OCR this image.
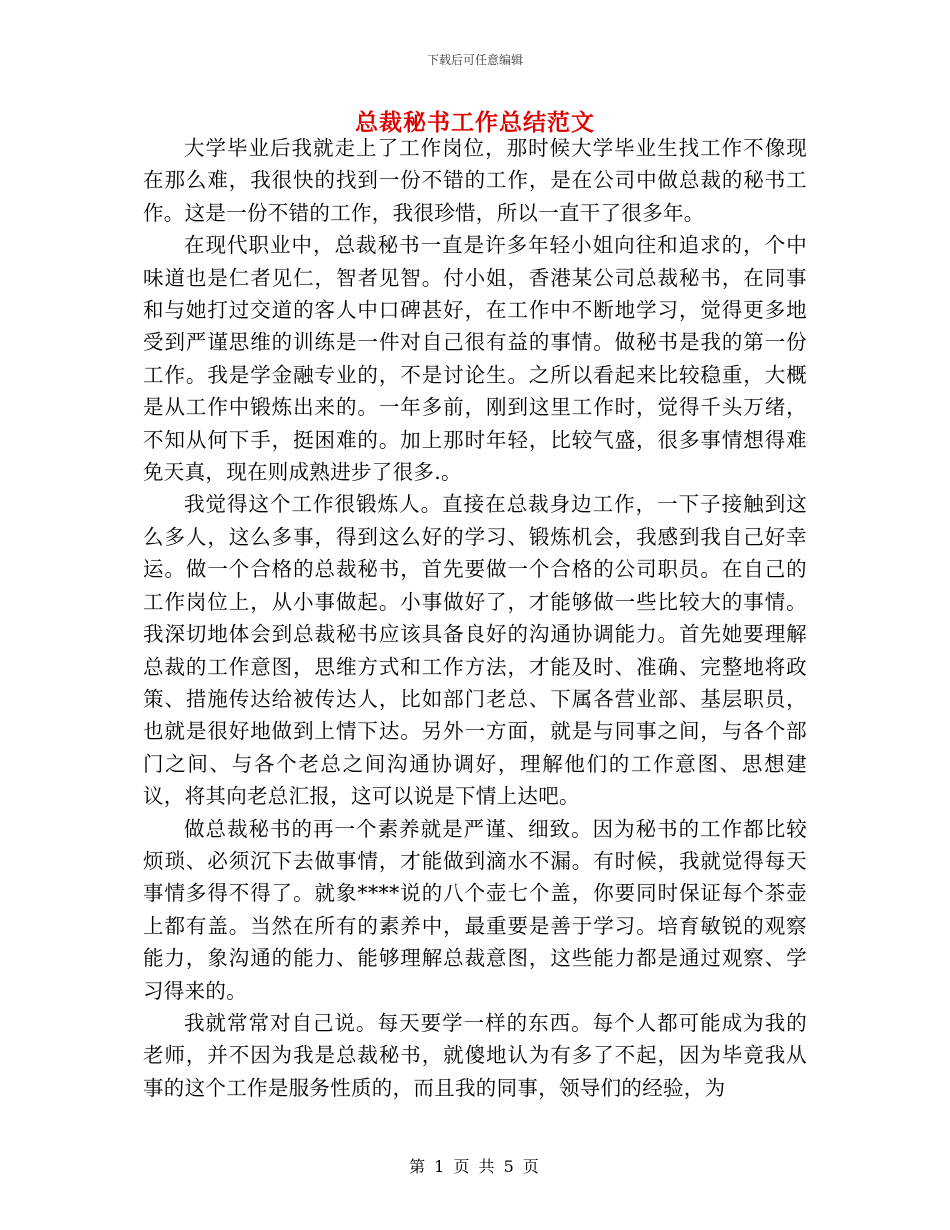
下载后可任意编辑
总裁秘书工作总结范文

大学毕业后我就走上了工作岗位，那时候大学毕业生找工作不像现在那么难，我很快的找到一份不错的工作，是在公司中做总裁的秘书工作。这是一份不错的工作，我很珍惜，所以一直干了很多年。

在现代职业中，总裁秘书一直是许多年轻小姐向往和追求的，个中味道也是仁者见仁，智者见智。付小姐，香港某公司总裁秘书，在同事和与她打过交道的客人中口碑甚好，在工作中不断地学习，觉得更多地受到严谨思维的训练是一件对自己很有益的事情。做秘书是我的第一份工作。我是学金融专业的，不是讨论生。之所以看起来比较稳重，大概是从工作中锻炼出来的。一年多前，刚到这里工作时，觉得千头万绪，不知从何下手，挺困难的。加上那时年轻，比较气盛，很多事情想得难免天真，现在则成熟进步了很多.。

我觉得这个工作很锻炼人。直接在总裁身边工作，一下子接触到这么多人，这么多事，得到这么好的学习、锻炼机会，我感到我自己好幸运。做一个合格的总裁秘书，首先要做一个合格的公司职员。在自己的工作岗位上，从小事做起。小事做好了，才能够做一些比较大的事情。我深切地体会到总裁秘书应该具备良好的沟通协调能力。首先她要理解总裁的工作意图，思维方式和工作方法，才能及时、准确、完整地将政策、措施传达给被传达人，比如部门老总、下属各营业部、基层职员，也就是很好地做到上情下达。另外一方面，就是与同事之间，与各个部门之间、与各个老总之间沟通协调好，理解他们的工作意图、思想建议，将其向老总汇报，这可以说是下情上达吧。

做总裁秘书的再一个素养就是严谨、细致。因为秘书的工作都比较烦琐、必须沉下去做事情，才能做到滴水不漏。有时候，我就觉得每天事情多得不得了。就象****说的八个壶七个盖，你要同时保证每个茶壶上都有盖。当然在所有的素养中，最重要是善于学习。培育敏锐的观察能力，象沟通的能力、能够理解总裁意图，这些能力都是通过观察、学习得来的。

我就常常对自己说。每天要学一样的东西。每个人都可能成为我的老师，并不因为我是总裁秘书，就傻地认为有多了不起，因为毕竟我从事的这个工作是服务性质的，而且我的同事，领导们的经验，为

第 1 页 共 5 页
